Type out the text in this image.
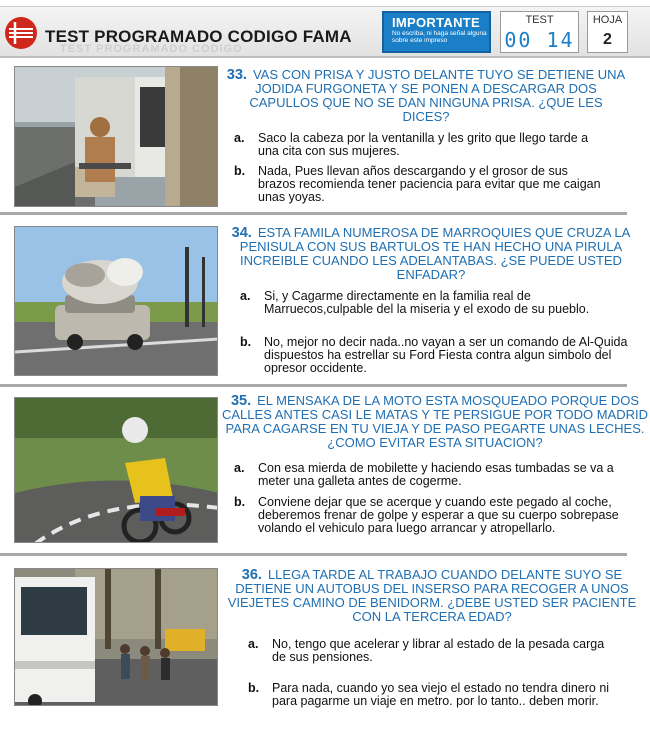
TEST PROGRAMADO CODIGO
TEST PROGRAMADO CODIGO FAMA
IMPORTANTE
No escriba, ni haga señal alguna sobre este impreso
TEST
00 14
HOJA
2
33. VAS CON PRISA Y JUSTO DELANTE TUYO SE DETIENE UNA JODIDA FURGONETA Y SE PONEN A DESCARGAR DOS CAPULLOS QUE NO SE DAN NINGUNA PRISA. ¿QUE LES DICES?
a. Saco la cabeza por la ventanilla y les grito que llego tarde a una cita con sus mujeres.
b. Nada, Pues llevan años descargando y el grosor de sus brazos recomienda tener paciencia para evitar que me caigan unas yoyas.
34. ESTA FAMILA NUMEROSA DE MARROQUIES QUE CRUZA LA PENISULA CON SUS BARTULOS TE HAN HECHO UNA PIRULA INCREIBLE CUANDO LES ADELANTABAS. ¿SE PUEDE USTED ENFADAR?
a. Si, y Cagarme directamente en la familia real de Marruecos,culpable del la miseria y el exodo de su pueblo.
b. No, mejor no decir nada..no vayan a ser un comando de Al-Quida dispuestos ha estrellar su Ford Fiesta contra algun simbolo del opresor occidente.
35. EL MENSAKA DE LA MOTO ESTA MOSQUEADO PORQUE DOS CALLES ANTES CASI LE MATAS Y TE PERSIGUE POR TODO MADRID PARA CAGARSE EN TU VIEJA Y DE PASO PEGARTE UNAS LECHES. ¿COMO EVITAR ESTA SITUACION?
a. Con esa mierda de mobilette y haciendo esas tumbadas se va a meter una galleta antes de cogerme.
b. Conviene dejar que se acerque y cuando este pegado al coche, deberemos frenar de golpe y esperar a que su cuerpo sobrepase volando el vehiculo para luego arrancar y atropellarlo.
36. LLEGA TARDE AL TRABAJO CUANDO DELANTE SUYO SE DETIENE UN AUTOBUS DEL INSERSO PARA RECOGER A UNOS VIEJETES CAMINO DE BENIDORM. ¿DEBE USTED SER PACIENTE CON LA TERCERA EDAD?
a. No, tengo que acelerar y librar al estado de la pesada carga de sus pensiones.
b. Para nada, cuando yo sea viejo el estado no tendra dinero ni para pagarme un viaje en metro. por lo tanto.. deben morir.
